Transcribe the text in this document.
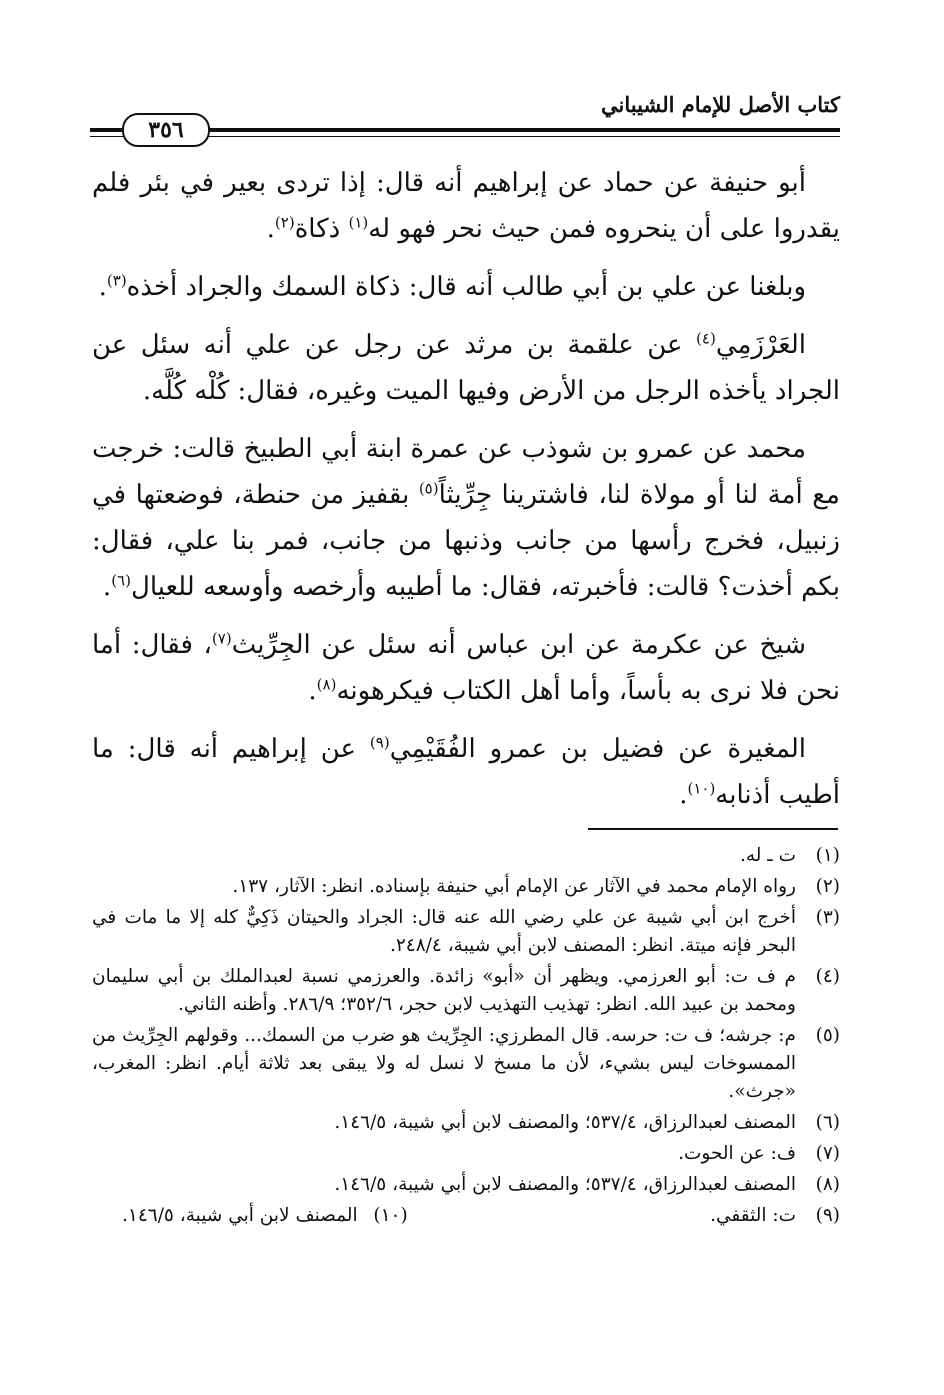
كتاب الأصل للإمام الشيباني
٣٥٦

أبو حنيفة عن حماد عن إبراهيم أنه قال: إذا تردى بعير في بئر فلم يقدروا على أن ينحروه فمن حيث نحر فهو له$^{(١)}$ ذكاة$^{(٢)}$.

وبلغنا عن علي بن أبي طالب أنه قال: ذكاة السمك والجراد أخذه$^{(٣)}$.

العَرْزَمِي$^{(٤)}$ عن علقمة بن مرثد عن رجل عن علي أنه سئل عن الجراد يأخذه الرجل من الأرض وفيها الميت وغيره، فقال: كُلْه كُلَّه.

محمد عن عمرو بن شوذب عن عمرة ابنة أبي الطبيخ قالت: خرجت مع أمة لنا أو مولاة لنا، فاشترينا جِرِّيثاً$^{(٥)}$ بقفيز من حنطة، فوضعتها في زنبيل، فخرج رأسها من جانب وذنبها من جانب، فمر بنا علي، فقال: بكم أخذت؟ قالت: فأخبرته، فقال: ما أطيبه وأرخصه وأوسعه للعيال$^{(٦)}$.

شيخ عن عكرمة عن ابن عباس أنه سئل عن الجِرِّيث$^{(٧)}$، فقال: أما نحن فلا نرى به بأساً، وأما أهل الكتاب فيكرهونه$^{(٨)}$.

المغيرة عن فضيل بن عمرو الفُقَيْمِي$^{(٩)}$ عن إبراهيم أنه قال: ما أطيب أذنابه$^{(١٠)}$.

(١)
ت ـ له.
(٢)
رواه الإمام محمد في الآثار عن الإمام أبي حنيفة بإسناده. انظر: الآثار، ١٣٧.
(٣)
أخرج ابن أبي شيبة عن علي رضي الله عنه قال: الجراد والحيتان ذَكِيٌّ كله إلا ما مات في البحر فإنه ميتة. انظر: المصنف لابن أبي شيبة، ٢٤٨/٤.
(٤)
م ف ت: أبو العرزمي. ويظهر أن «أبو» زائدة. والعرزمي نسبة لعبدالملك بن أبي سليمان ومحمد بن عبيد الله. انظر: تهذيب التهذيب لابن حجر، ٣٥٢/٦؛ ٢٨٦/٩. وأظنه الثاني.
(٥)
م: جرشه؛ ف ت: حرسه. قال المطرزي: الجِرِّيث هو ضرب من السمك... وقولهم الجِرِّيث من الممسوخات ليس بشيء، لأن ما مسخ لا نسل له ولا يبقى بعد ثلاثة أيام. انظر: المغرب، «جرث».
(٦)
المصنف لعبدالرزاق، ٥٣٧/٤؛ والمصنف لابن أبي شيبة، ١٤٦/٥.
(٧)
ف: عن الحوت.
(٨)
المصنف لعبدالرزاق، ٥٣٧/٤؛ والمصنف لابن أبي شيبة، ١٤٦/٥.
(٩)
ت: الثقفي.
(١٠)
المصنف لابن أبي شيبة، ١٤٦/٥.
